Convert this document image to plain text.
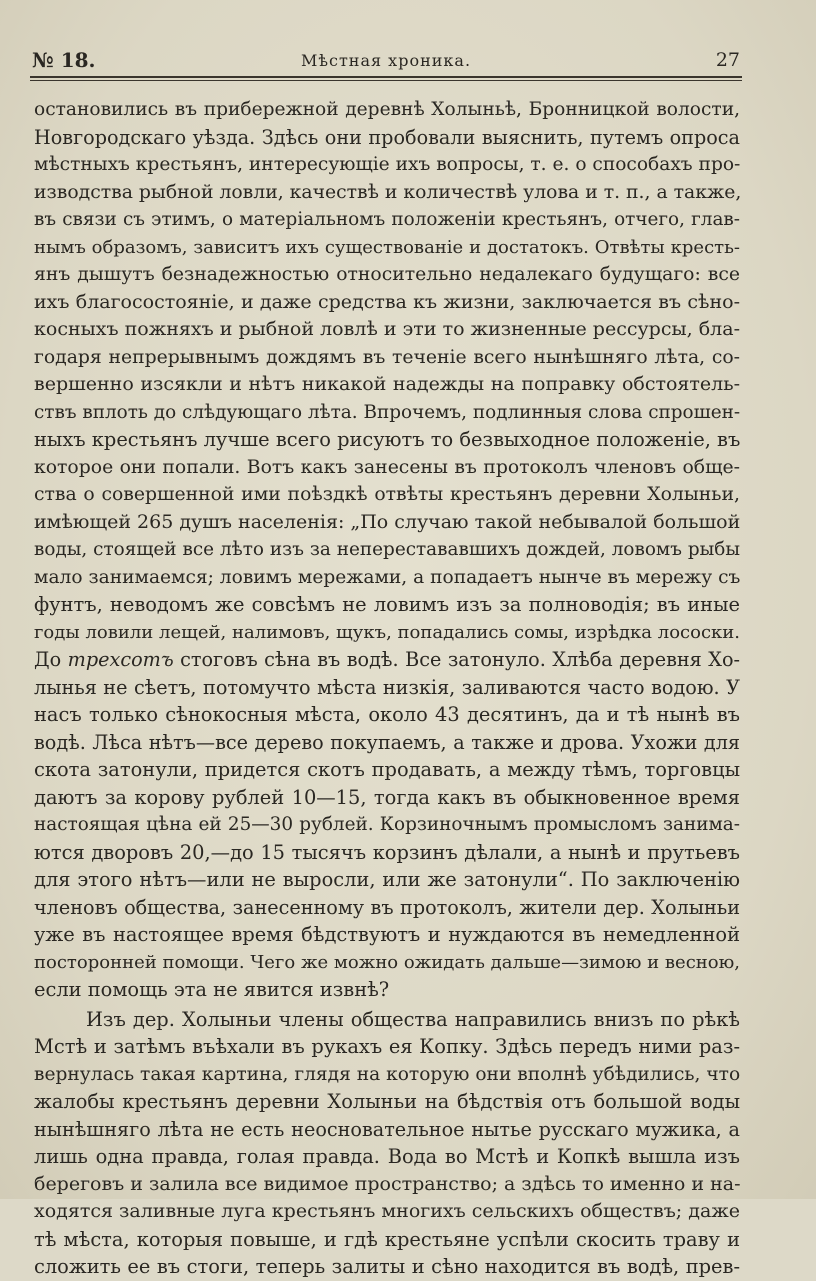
№ 18.	Мѣстная хроника.	27
остановились въ прибережной деревнѣ Холыньѣ, Бронницкой волости,
Новгородскаго уѣзда. Здѣсь они пробовали выяснить, путемъ опроса
мѣстныхъ крестьянъ, интересующіе ихъ вопросы, т. е. о способахъ про-
изводства рыбной ловли, качествѣ и количествѣ улова и т. п., а также,
въ связи съ этимъ, о матеріальномъ положеніи крестьянъ, отчего, глав-
нымъ образомъ, зависитъ ихъ существованіе и достатокъ. Отвѣты кресть-
янъ дышутъ безнадежностью относительно недалекаго будущаго: все
ихъ благосостояніе, и даже средства къ жизни, заключается въ сѣно-
косныхъ пожняхъ и рыбной ловлѣ и эти то жизненные рессурсы, бла-
годаря непрерывнымъ дождямъ въ теченіе всего нынѣшняго лѣта, со-
вершенно изсякли и нѣтъ никакой надежды на поправку обстоятель-
ствъ вплоть до слѣдующаго лѣта. Впрочемъ, подлинныя слова спрошен-
ныхъ крестьянъ лучше всего рисуютъ то безвыходное положеніе, въ
которое они попали. Вотъ какъ занесены въ протоколъ членовъ обще-
ства о совершенной ими поѣздкѣ отвѣты крестьянъ деревни Холыньи,
имѣющей 265 душъ населенія: „По случаю такой небывалой большой
воды, стоящей все лѣто изъ за неперестававшихъ дождей, ловомъ рыбы
мало занимаемся; ловимъ мережами, а попадаетъ нынче въ мережу съ
фунтъ, неводомъ же совсѣмъ не ловимъ изъ за полноводія; въ иные
годы ловили лещей, налимовъ, щукъ, попадались сомы, изрѣдка лососки.
До трехсотъ стоговъ сѣна въ водѣ. Все затонуло. Хлѣба деревня Хо-
лынья не сѣетъ, потомучто мѣста низкія, заливаются часто водою. У
насъ только сѣнокосныя мѣста, около 43 десятинъ, да и тѣ нынѣ въ
водѣ. Лѣса нѣтъ—все дерево покупаемъ, а также и дрова. Ухожи для
скота затонули, придется скотъ продавать, а между тѣмъ, торговцы
даютъ за корову рублей 10—15, тогда какъ въ обыкновенное время
настоящая цѣна ей 25—30 рублей. Корзиночнымъ промысломъ занима-
ются дворовъ 20,—до 15 тысячъ корзинъ дѣлали, а нынѣ и прутьевъ
для этого нѣтъ—или не выросли, или же затонули“. По заключенію
членовъ общества, занесенному въ протоколъ, жители дер. Холыньи
уже въ настоящее время бѣдствуютъ и нуждаются въ немедленной
посторонней помощи. Чего же можно ожидать дальше—зимою и весною,
если помощь эта не явится извнѣ?
Изъ дер. Холыньи члены общества направились внизъ по рѣкѣ
Мстѣ и затѣмъ въѣхали въ рукахъ ея Копку. Здѣсь передъ ними раз-
вернулась такая картина, глядя на которую они вполнѣ убѣдились, что
жалобы крестьянъ деревни Холыньи на бѣдствія отъ большой воды
нынѣшняго лѣта не есть неосновательное нытье русскаго мужика, а
лишь одна правда, голая правда. Вода во Мстѣ и Копкѣ вышла изъ
береговъ и залила все видимое пространство; а здѣсь то именно и на-
ходятся заливные луга крестьянъ многихъ сельскихъ обществъ; даже
тѣ мѣста, которыя повыше, и гдѣ крестьяне успѣли скосить траву и
сложить ее въ стоги, теперь залиты и сѣно находится въ водѣ, прев-
